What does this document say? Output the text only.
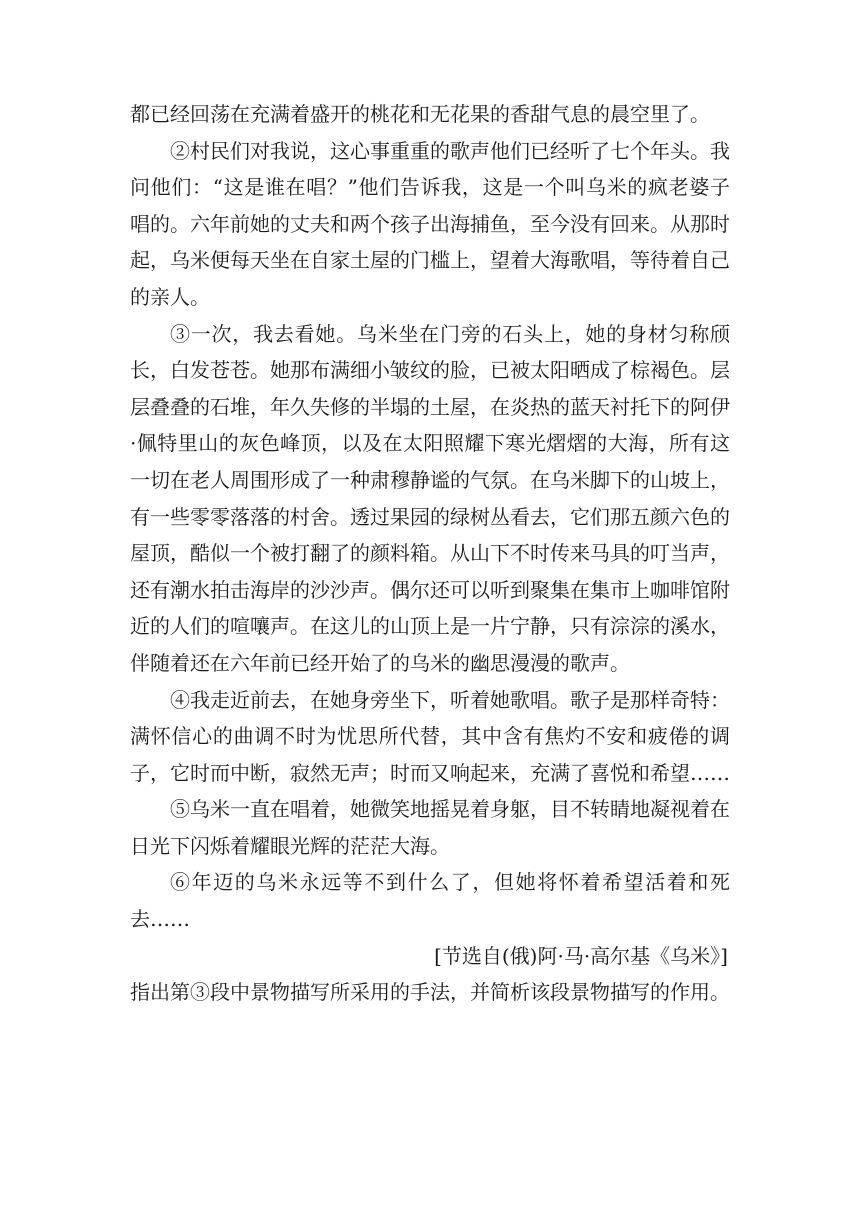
都已经回荡在充满着盛开的桃花和无花果的香甜气息的晨空里了。

②村民们对我说，这心事重重的歌声他们已经听了七个年头。我问他们：“这是谁在唱？”他们告诉我，这是一个叫乌米的疯老婆子唱的。六年前她的丈夫和两个孩子出海捕鱼，至今没有回来。从那时起，乌米便每天坐在自家土屋的门槛上，望着大海歌唱，等待着自己的亲人。

③一次，我去看她。乌米坐在门旁的石头上，她的身材匀称颀长，白发苍苍。她那布满细小皱纹的脸，已被太阳晒成了棕褐色。层层叠叠的石堆，年久失修的半塌的土屋，在炎热的蓝天衬托下的阿伊·佩特里山的灰色峰顶，以及在太阳照耀下寒光熠熠的大海，所有这一切在老人周围形成了一种肃穆静谧的气氛。在乌米脚下的山坡上，有一些零零落落的村舍。透过果园的绿树丛看去，它们那五颜六色的屋顶，酷似一个被打翻了的颜料箱。从山下不时传来马具的叮当声，还有潮水拍击海岸的沙沙声。偶尔还可以听到聚集在集市上咖啡馆附近的人们的喧嚷声。在这儿的山顶上是一片宁静，只有淙淙的溪水，伴随着还在六年前已经开始了的乌米的幽思漫漫的歌声。

④我走近前去，在她身旁坐下，听着她歌唱。歌子是那样奇特：满怀信心的曲调不时为忧思所代替，其中含有焦灼不安和疲倦的调子，它时而中断，寂然无声；时而又响起来，充满了喜悦和希望……

⑤乌米一直在唱着，她微笑地摇晃着身躯，目不转睛地凝视着在日光下闪烁着耀眼光辉的茫茫大海。

⑥年迈的乌米永远等不到什么了，但她将怀着希望活着和死去……

[节选自(俄)阿·马·高尔基《乌米》]

指出第③段中景物描写所采用的手法，并简析该段景物描写的作用。
